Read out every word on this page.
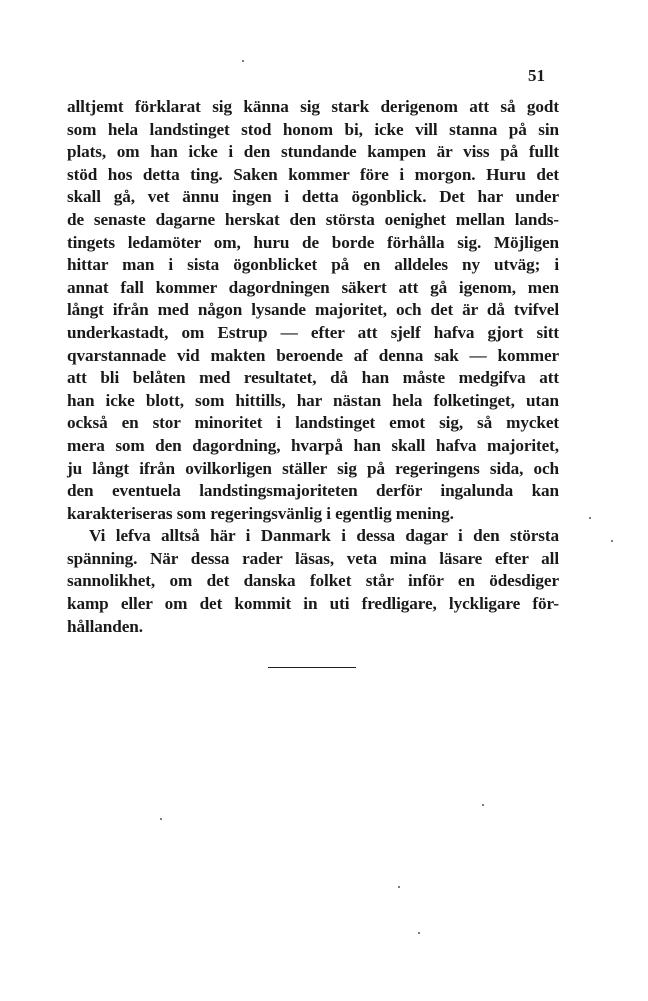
51
alltjemt förklarat sig känna sig stark derigenom att så godt
som hela landstinget stod honom bi, icke vill stanna på sin
plats, om han icke i den stundande kampen är viss på fullt
stöd hos detta ting. Saken kommer före i morgon. Huru det
skall gå, vet ännu ingen i detta ögonblick. Det har under
de senaste dagarne herskat den största oenighet mellan lands-
tingets ledamöter om, huru de borde förhålla sig. Möjligen
hittar man i sista ögonblicket på en alldeles ny utväg; i
annat fall kommer dagordningen säkert att gå igenom, men
långt ifrån med någon lysande majoritet, och det är då tvifvel
underkastadt, om Estrup — efter att sjelf hafva gjort sitt
qvarstannade vid makten beroende af denna sak — kommer
att bli belåten med resultatet, då han måste medgifva att
han icke blott, som hittills, har nästan hela folketinget, utan
också en stor minoritet i landstinget emot sig, så mycket
mera som den dagordning, hvarpå han skall hafva majoritet,
ju långt ifrån ovilkorligen ställer sig på regeringens sida, och
den eventuela landstingsmajoriteten derför ingalunda kan
karakteriseras som regeringsvänlig i egentlig mening.
Vi lefva alltså här i Danmark i dessa dagar i den största
spänning. När dessa rader läsas, veta mina läsare efter all
sannolikhet, om det danska folket står inför en ödesdiger
kamp eller om det kommit in uti fredligare, lyckligare för-
hållanden.
